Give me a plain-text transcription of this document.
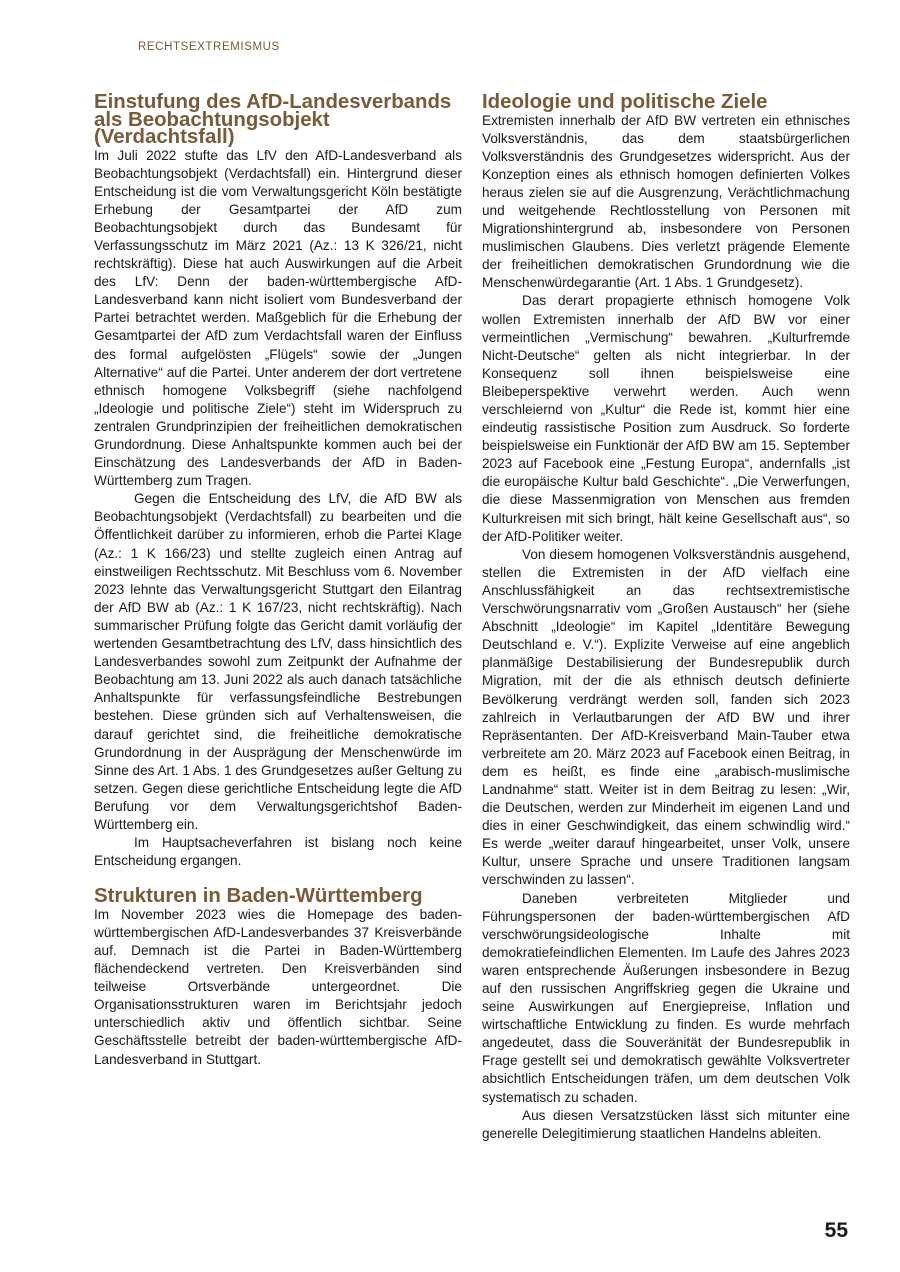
RECHTSEXTREMISMUS

Einstufung des AfD-Landesverbands
als Beobachtungsobjekt (Verdachtsfall)

Im Juli 2022 stufte das LfV den AfD-Landesverband als Beobachtungsobjekt (Verdachtsfall) ein. Hintergrund dieser Entscheidung ist die vom Verwaltungsgericht Köln bestätigte Erhebung der Gesamtpartei der AfD zum Beobachtungsobjekt durch das Bundesamt für Verfassungsschutz im März 2021 (Az.: 13 K 326/21, nicht rechtskräftig). Diese hat auch Auswirkungen auf die Arbeit des LfV: Denn der baden-württembergische AfD-Landesverband kann nicht isoliert vom Bundesverband der Partei betrachtet werden. Maßgeblich für die Erhebung der Gesamtpartei der AfD zum Verdachtsfall waren der Einfluss des formal aufgelösten „Flügels“ sowie der „Jungen Alternative“ auf die Partei. Unter anderem der dort vertretene ethnisch homogene Volksbegriff (siehe nachfolgend „Ideologie und politische Ziele“) steht im Widerspruch zu zentralen Grundprinzipien der freiheitlichen demokratischen Grundordnung. Diese Anhaltspunkte kommen auch bei der Einschätzung des Landesverbands der AfD in Baden-Württemberg zum Tragen.

Gegen die Entscheidung des LfV, die AfD BW als Beobachtungsobjekt (Verdachtsfall) zu bearbeiten und die Öffentlichkeit darüber zu informieren, erhob die Partei Klage (Az.: 1 K 166/23) und stellte zugleich einen Antrag auf einstweiligen Rechtsschutz. Mit Beschluss vom 6. November 2023 lehnte das Verwaltungsgericht Stuttgart den Eilantrag der AfD BW ab (Az.: 1 K 167/23, nicht rechtskräftig). Nach summarischer Prüfung folgte das Gericht damit vorläufig der wertenden Gesamtbetrachtung des LfV, dass hinsichtlich des Landesverbandes sowohl zum Zeitpunkt der Aufnahme der Beobachtung am 13. Juni 2022 als auch danach tatsächliche Anhaltspunkte für verfassungsfeindliche Bestrebungen bestehen. Diese gründen sich auf Verhaltensweisen, die darauf gerichtet sind, die freiheitliche demokratische Grundordnung in der Ausprägung der Menschenwürde im Sinne des Art. 1 Abs. 1 des Grundgesetzes außer Geltung zu setzen. Gegen diese gerichtliche Entscheidung legte die AfD Berufung vor dem Verwaltungsgerichtshof Baden-Württemberg ein.

Im Hauptsacheverfahren ist bislang noch keine Entscheidung ergangen.

Strukturen in Baden-Württemberg

Im November 2023 wies die Homepage des baden-württembergischen AfD-Landesverbandes 37 Kreisverbände auf. Demnach ist die Partei in Baden-Württemberg flächendeckend vertreten. Den Kreisverbänden sind teilweise Ortsverbände untergeordnet. Die Organisationsstrukturen waren im Berichtsjahr jedoch unterschiedlich aktiv und öffentlich sichtbar. Seine Geschäftsstelle betreibt der baden-württembergische AfD-Landesverband in Stuttgart.

Ideologie und politische Ziele

Extremisten innerhalb der AfD BW vertreten ein ethnisches Volksverständnis, das dem staatsbürgerlichen Volksverständnis des Grundgesetzes widerspricht. Aus der Konzeption eines als ethnisch homogen definierten Volkes heraus zielen sie auf die Ausgrenzung, Verächtlichmachung und weitgehende Rechtlosstellung von Personen mit Migrationshintergrund ab, insbesondere von Personen muslimischen Glaubens. Dies verletzt prägende Elemente der freiheitlichen demokratischen Grundordnung wie die Menschenwürdegarantie (Art. 1 Abs. 1 Grundgesetz).

Das derart propagierte ethnisch homogene Volk wollen Extremisten innerhalb der AfD BW vor einer vermeintlichen „Vermischung“ bewahren. „Kulturfremde Nicht-Deutsche“ gelten als nicht integrierbar. In der Konsequenz soll ihnen beispielsweise eine Bleibeperspektive verwehrt werden. Auch wenn verschleiernd von „Kultur“ die Rede ist, kommt hier eine eindeutig rassistische Position zum Ausdruck. So forderte beispielsweise ein Funktionär der AfD BW am 15. September 2023 auf Facebook eine „Festung Europa“, andernfalls „ist die europäische Kultur bald Geschichte“. „Die Verwerfungen, die diese Massenmigration von Menschen aus fremden Kulturkreisen mit sich bringt, hält keine Gesellschaft aus“, so der AfD-Politiker weiter.

Von diesem homogenen Volksverständnis ausgehend, stellen die Extremisten in der AfD vielfach eine Anschlussfähigkeit an das rechtsextremistische Verschwörungsnarrativ vom „Großen Austausch“ her (siehe Abschnitt „Ideologie“ im Kapitel „Identitäre Bewegung Deutschland e. V.“). Explizite Verweise auf eine angeblich planmäßige Destabilisierung der Bundesrepublik durch Migration, mit der die als ethnisch deutsch definierte Bevölkerung verdrängt werden soll, fanden sich 2023 zahlreich in Verlautbarungen der AfD BW und ihrer Repräsentanten. Der AfD-Kreisverband Main-Tauber etwa verbreitete am 20. März 2023 auf Facebook einen Beitrag, in dem es heißt, es finde eine „arabisch-muslimische Landnahme“ statt. Weiter ist in dem Beitrag zu lesen: „Wir, die Deutschen, werden zur Minderheit im eigenen Land und dies in einer Geschwindigkeit, das einem schwindlig wird.“ Es werde „weiter darauf hingearbeitet, unser Volk, unsere Kultur, unsere Sprache und unsere Traditionen langsam verschwinden zu lassen“.

Daneben verbreiteten Mitglieder und Führungspersonen der baden-württembergischen AfD verschwörungsideologische Inhalte mit demokratiefeindlichen Elementen. Im Laufe des Jahres 2023 waren entsprechende Äußerungen insbesondere in Bezug auf den russischen Angriffskrieg gegen die Ukraine und seine Auswirkungen auf Energiepreise, Inflation und wirtschaftliche Entwicklung zu finden. Es wurde mehrfach angedeutet, dass die Souveränität der Bundesrepublik in Frage gestellt sei und demokratisch gewählte Volksvertreter absichtlich Entscheidungen träfen, um dem deutschen Volk systematisch zu schaden.

Aus diesen Versatzstücken lässt sich mitunter eine generelle Delegitimierung staatlichen Handelns ableiten.

55
